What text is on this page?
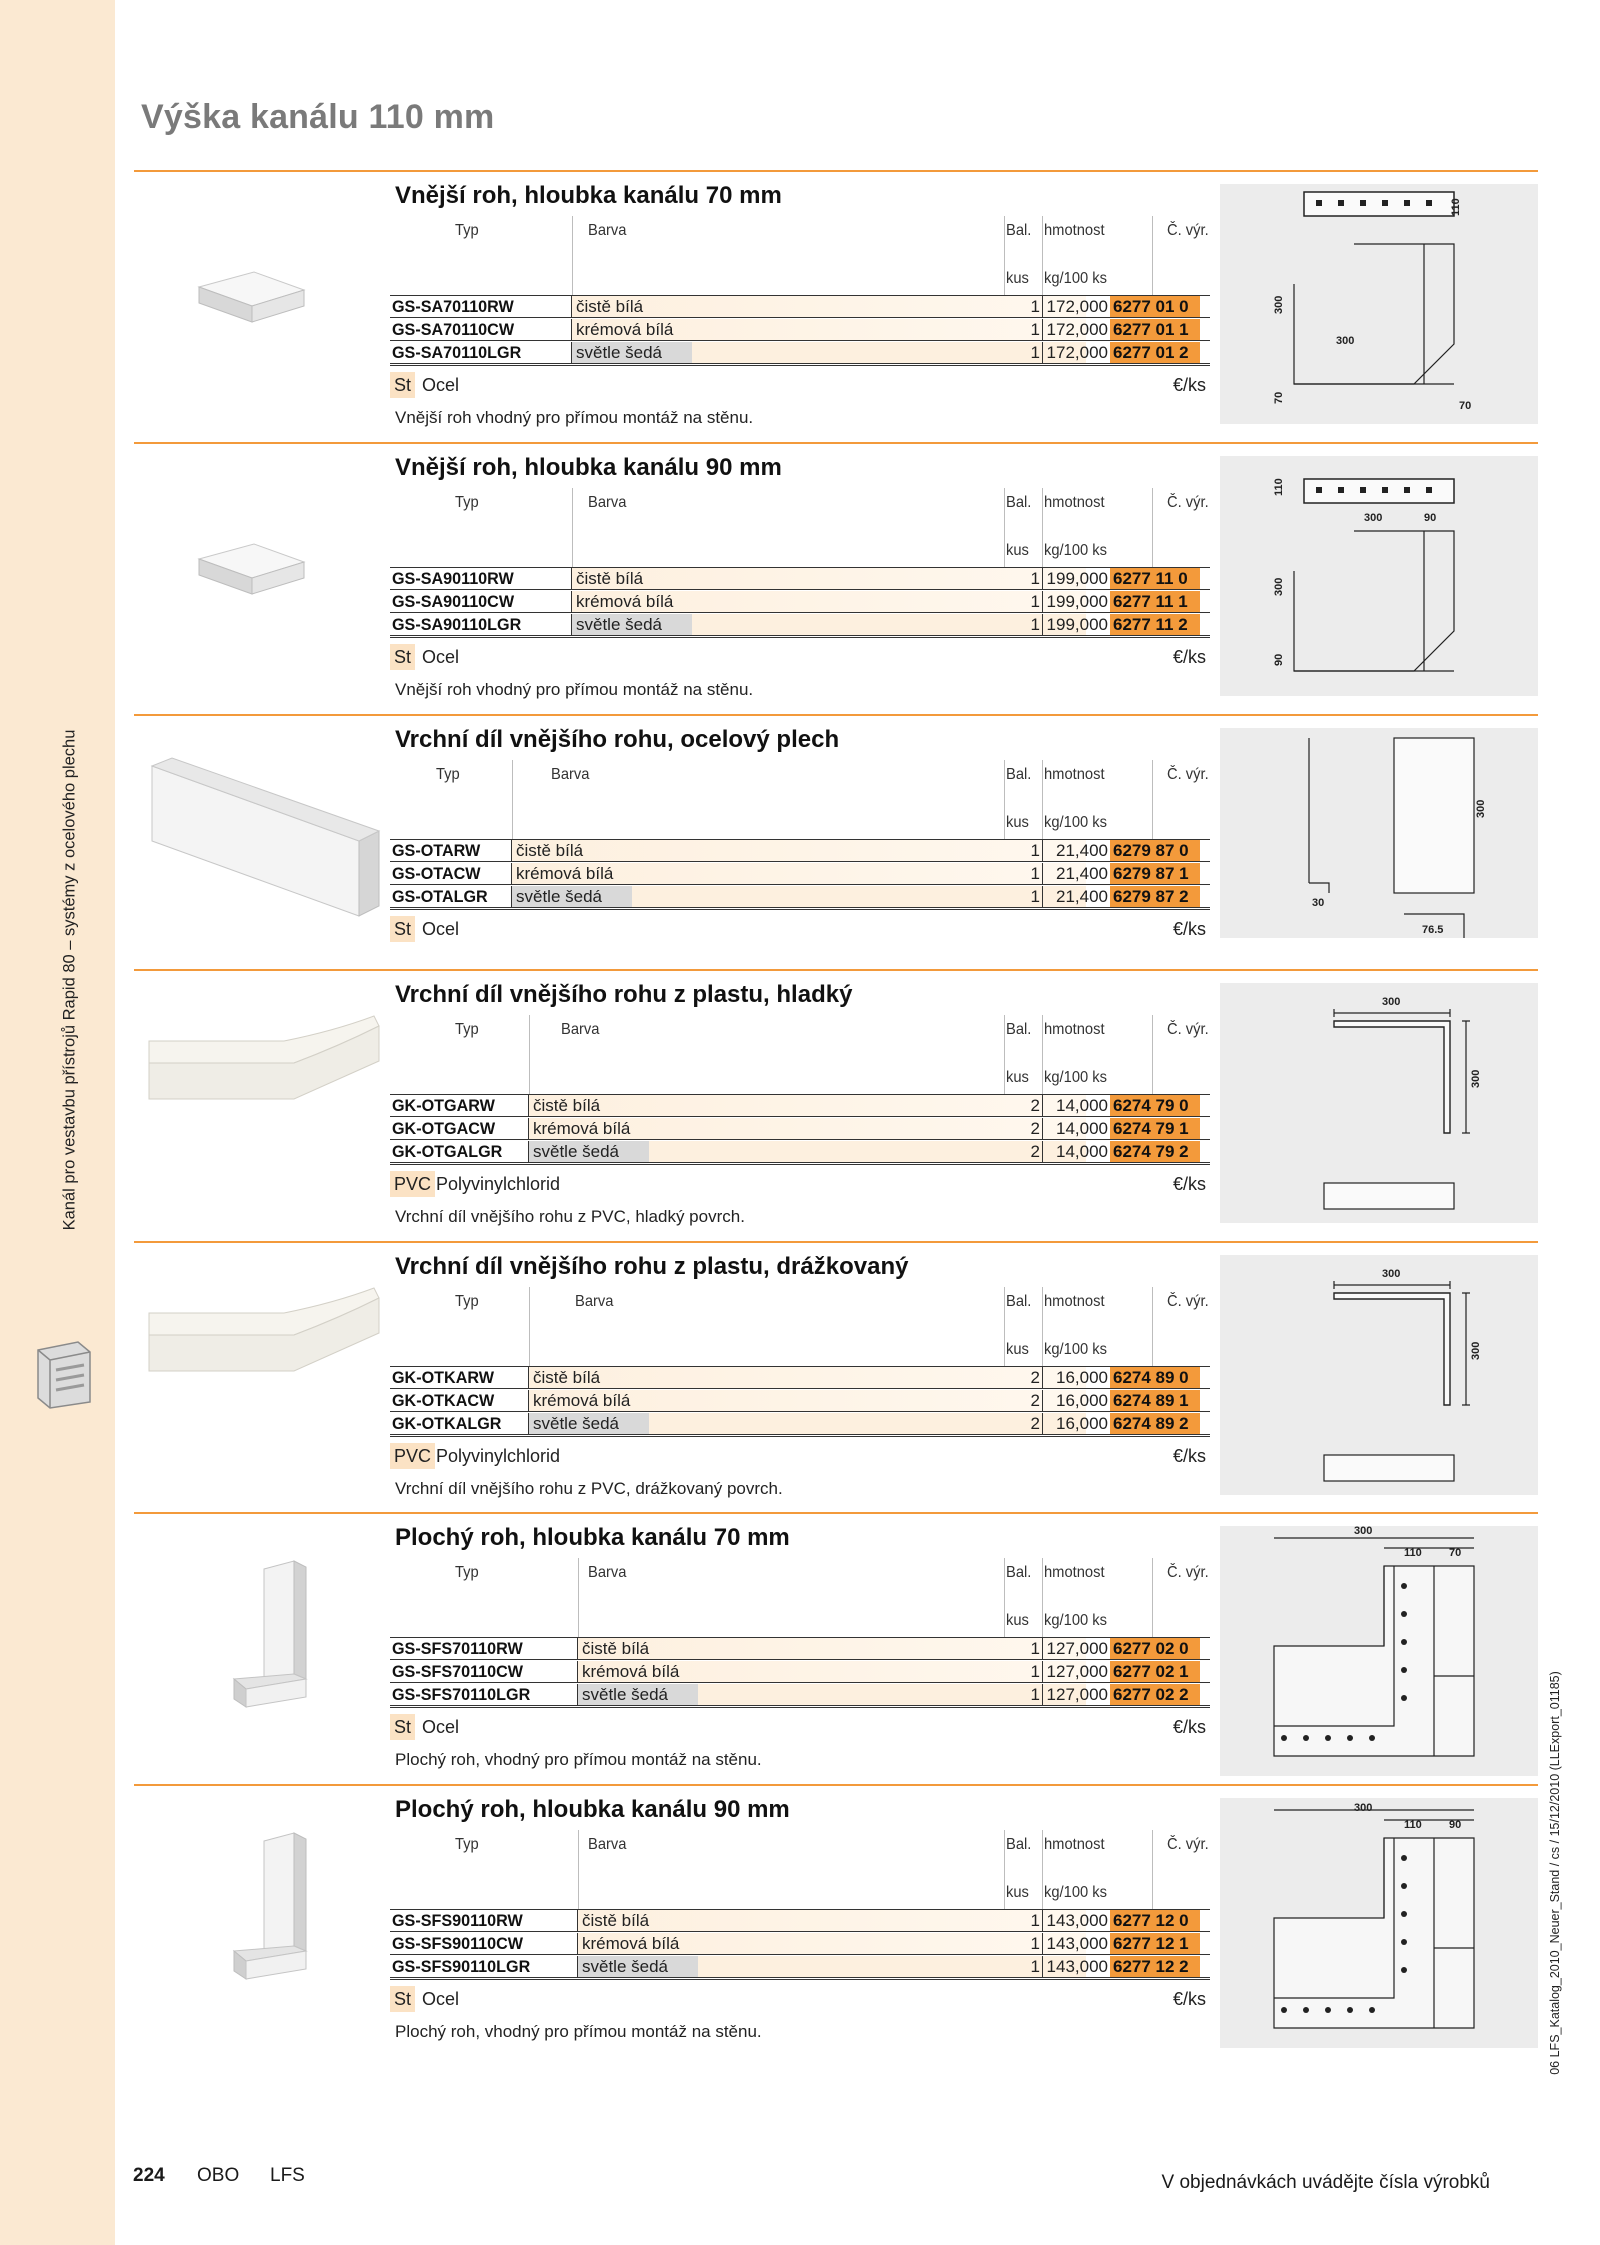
Kanál pro vestavbu přístrojů Rapid 80 – systémy z ocelového plechu
06 LFS_Katalog_2010_Neuer_Stand / cs / 15/12/2010 (LLExport_01185)
Výška kanálu 110 mm
Vnější roh, hloubka kanálu 70 mm
Typ	Barva	Bal. hmotnost	Č. výr.
kus kg/100 ks
GS-SA70110RW	čistě bílá	1 172,000 6277 01 0
GS-SA70110CW	krémová bílá	1 172,000 6277 01 1
GS-SA70110LGR	světle šedá	1 172,000 6277 01 2
St Ocel	€/ks
Vnější roh vhodný pro přímou montáž na stěnu.
110
300
300
70
70
Vnější roh, hloubka kanálu 90 mm
Typ	Barva	Bal. hmotnost	Č. výr.
kus kg/100 ks
GS-SA90110RW	čistě bílá	1 199,000 6277 11 0
GS-SA90110CW	krémová bílá	1 199,000 6277 11 1
GS-SA90110LGR	světle šedá	1 199,000 6277 11 2
St Ocel	€/ks
Vnější roh vhodný pro přímou montáž na stěnu.
110
300	90
300
90
Vrchní díl vnějšího rohu, ocelový plech
Typ	Barva	Bal. hmotnost	Č. výr.
kus kg/100 ks
GS-OTARW	čistě bílá	1 21,400 6279 87 0
GS-OTACW	krémová bílá	1 21,400 6279 87 1
GS-OTALGR	světle šedá	1 21,400 6279 87 2
St Ocel	€/ks
300
30
76.5
Vrchní díl vnějšího rohu z plastu, hladký
Typ	Barva	Bal. hmotnost	Č. výr.
kus kg/100 ks
GK-OTGARW	čistě bílá	2 14,000 6274 79 0
GK-OTGACW	krémová bílá	2 14,000 6274 79 1
GK-OTGALGR	světle šedá	2 14,000 6274 79 2
PVC Polyvinylchlorid	€/ks
Vrchní díl vnějšího rohu z PVC, hladký povrch.
300
300
Vrchní díl vnějšího rohu z plastu, drážkovaný
Typ	Barva	Bal. hmotnost	Č. výr.
kus kg/100 ks
GK-OTKARW	čistě bílá	2 16,000 6274 89 0
GK-OTKACW	krémová bílá	2 16,000 6274 89 1
GK-OTKALGR	světle šedá	2 16,000 6274 89 2
PVC Polyvinylchlorid	€/ks
Vrchní díl vnějšího rohu z PVC, drážkovaný povrch.
300
300
Plochý roh, hloubka kanálu 70 mm
Typ	Barva	Bal. hmotnost	Č. výr.
kus kg/100 ks
GS-SFS70110RW	čistě bílá	1 127,000 6277 02 0
GS-SFS70110CW	krémová bílá	1 127,000 6277 02 1
GS-SFS70110LGR	světle šedá	1 127,000 6277 02 2
St Ocel	€/ks
Plochý roh, vhodný pro přímou montáž na stěnu.
300
110 70
Plochý roh, hloubka kanálu 90 mm
Typ	Barva	Bal. hmotnost	Č. výr.
kus kg/100 ks
GS-SFS90110RW	čistě bílá	1 143,000 6277 12 0
GS-SFS90110CW	krémová bílá	1 143,000 6277 12 1
GS-SFS90110LGR	světle šedá	1 143,000 6277 12 2
St Ocel	€/ks
Plochý roh, vhodný pro přímou montáž na stěnu.
300
110 90
224 OBO LFS	V objednávkách uvádějte čísla výrobků
